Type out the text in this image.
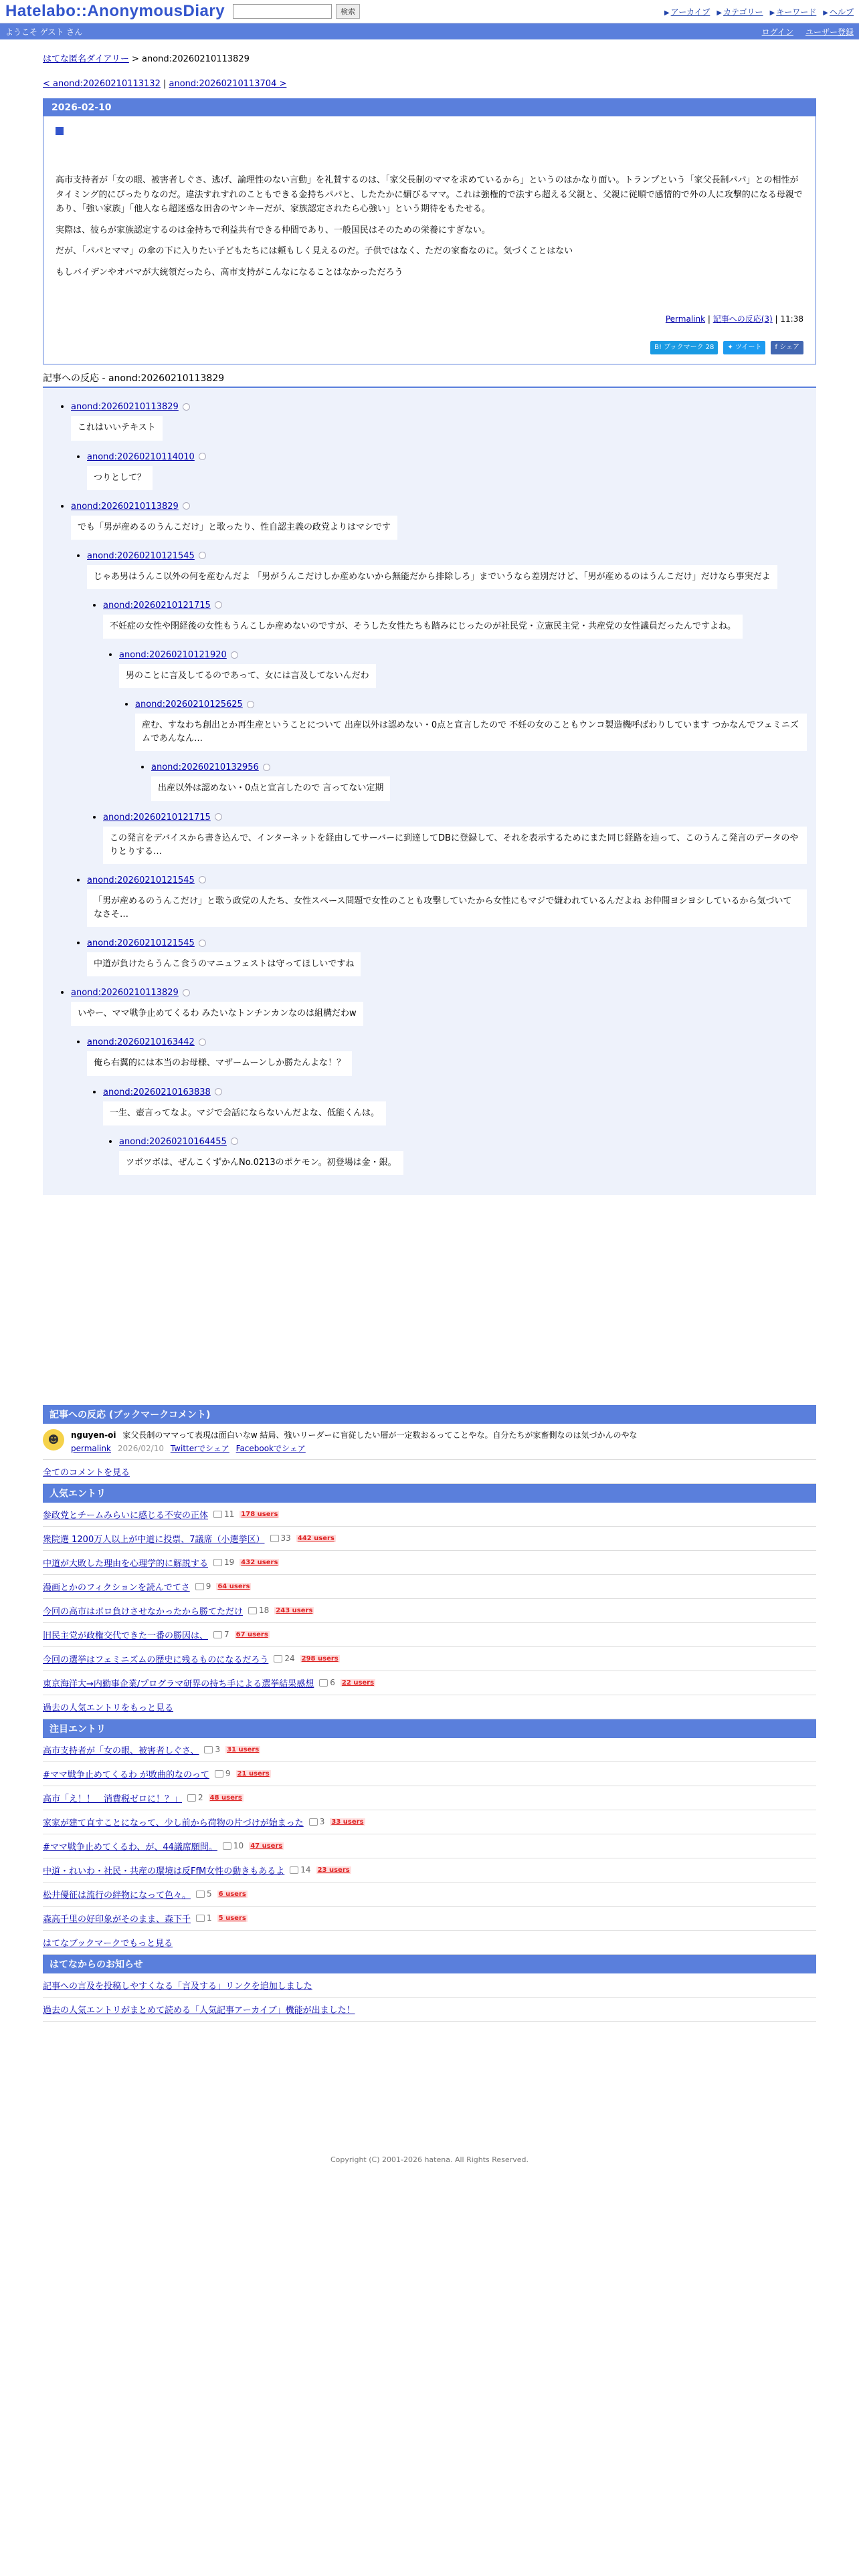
Hatelabo::AnonymousDiary	検索	▶ アーカイブ ▶ カテゴリー ▶ キーワード ▶ ヘルプ
ようこそ ゲスト さん	ログイン ユーザー登録
はてな匿名ダイアリー > anond:20260210113829
< anond:20260210113132 | anond:20260210113704 >
2026-02-10

高市支持者が「女の眼、被害者しぐさ、逃げ、論理性のない言動」を礼賛するのは、「家父長制のママを求めているから」というのはかなり面い。トランプという「家父長制パパ」との相性がタイミング的にぴったりなのだ。違法すれすれのこともできる金持ちパパと、したたかに媚びるママ。これは強権的で法すら超える父親と、父親に従順で感情的で外の人に攻撃的になる母親であり、「強い家族」「他人なら超迷惑な田舎のヤンキーだが、家族認定されたら心強い」という期待をもたせる。

実際は、彼らが家族認定するのは金持ちで利益共有できる仲間であり、一般国民はそのための栄養にすぎない。

だが、「パパとママ」の傘の下に入りたい子どもたちには頼もしく見えるのだ。子供ではなく、ただの家畜なのに。気づくことはない

もしバイデンやオバマが大統領だったら、高市支持がこんなになることはなかっただろう

Permalink | 記事への反応(3) | 11:38
B! ブックマーク 28	✦ ツイート	f シェア
記事への反応 - anond:20260210113829
• anond:20260210113829
これはいいテキスト
• anond:20260210114010
つりとして？
• anond:20260210113829
でも「男が産めるのうんこだけ」と歌ったり、性自認主義の政党よりはマシです
• anond:20260210121545
じゃあ男はうんこ以外の何を産むんだよ 「男がうんこだけしか産めないから無能だから排除しろ」までいうなら差別だけど、「男が産めるのはうんこだけ」だけなら事実だよ
• anond:20260210121715
不妊症の女性や閉経後の女性もうんこしか産めないのですが、そうした女性たちも踏みにじったのが社民党・立憲民主党・共産党の女性議員だったんですよね。
• anond:20260210121920
男のことに言及してるのであって、女には言及してないんだわ
• anond:20260210125625
産む、すなわち創出とか再生産ということについて 出産以外は認めない・0点と宣言したので 不妊の女のこともウンコ製造機呼ばわりしています つかなんでフェミニズムであんなん…
• anond:20260210132956
出産以外は認めない・0点と宣言したので 言ってない定期
• anond:20260210121715
この発言をデバイスから書き込んで、インターネットを経由してサーバーに到達してDBに登録して、それを表示するためにまた同じ経路を辿って、このうんこ発言のデータのやりとりする…
• anond:20260210121545
「男が産めるのうんこだけ」と歌う政党の人たち、女性スペース問題で女性のことも攻撃していたから女性にもマジで嫌われているんだよね お仲間ヨシヨシしているから気づいてなさそ…
• anond:20260210121545
中道が負けたらうんこ食うのマニュフェストは守ってほしいですね
• anond:20260210113829
いやー、ママ戦争止めてくるわ みたいなトンチンカンなのは組構だわw
• anond:20260210163442
俺ら右翼的には本当のお母様、マザームーンしか勝たんよな！？
• anond:20260210163838
一生、壺言ってなよ。マジで会話にならないんだよな、低能くんは。
• anond:20260210164455
ツボツボは、ぜんこくずかんNo.0213のポケモン。初登場は金・銀。
記事への反応 (ブックマークコメント)
☻	nguyen-oi 家父長制のママって表現は面白いなw 結局、強いリーダーに盲従したい層が一定数おるってことやな。自分たちが家畜側なのは気づかんのやな
permalink 2026/02/10 Twitterでシェア Facebookでシェア
全てのコメントを見る
人気エントリ
参政党とチームみらいに感じる不安の正体 11 178 users
衆院選 1200万人以上が中道に投票、7議席（小選挙区） 33 442 users
中道が大敗した理由を心理学的に解説する 19 432 users
漫画とかのフィクションを読んでてさ 9 64 users
今回の高市はボロ負けさせなかったから勝てただけ 18 243 users
旧民主党が政権交代できた一番の勝因は、 7 67 users
今回の選挙はフェミニズムの歴史に残るものになるだろう 24 298 users
東京海洋大→内勤事企業/プログラマ研界の持ち手による選挙結果感想 6 22 users
過去の人気エントリをもっと見る
注目エントリ
高市支持者が「女の眼、被害者しぐさ、 3 31 users
#ママ戦争止めてくるわ が敗曲的なのって 9 21 users
高市「え！！　消費税ゼロに！？」 2 48 users
家家が建て直すことになって、少し前から荷物の片づけが始まった 3 33 users
#ママ戦争止めてくるわ、が、44議席願問。 10 47 users
中道・れいわ・社民・共産の環境は反FfM女性の動きもあるよ 14 23 users
松井優征は流行の絆物になって色々。 5 6 users
森高千里の好印象がそのまま、森下千 1 5 users
はてなブックマークでもっと見る
はてなからのお知らせ
記事への言及を投稿しやすくなる「言及する」リンクを追加しました
過去の人気エントリがまとめて読める「人気記事アーカイブ」機能が出ました！
Copyright (C) 2001-2026 hatena. All Rights Reserved.
